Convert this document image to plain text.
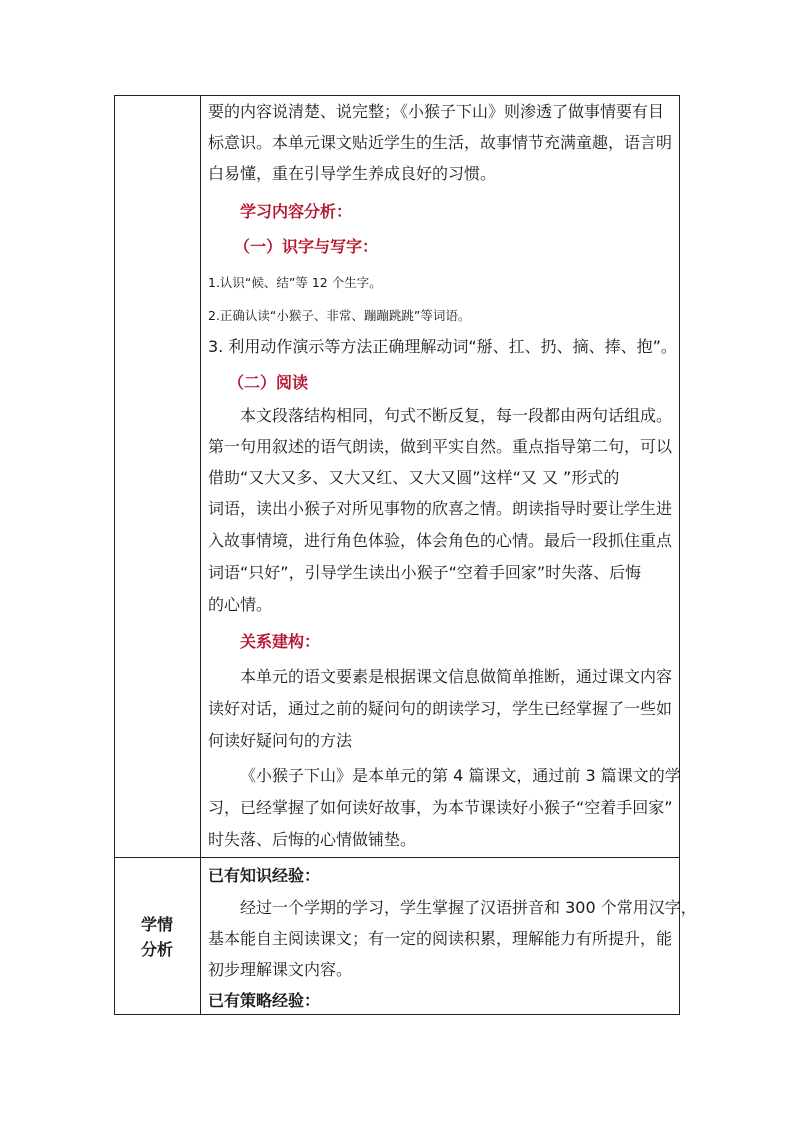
学情
分析
要的内容说清楚、说完整；《小猴子下山》则渗透了做事情要有目
标意识。本单元课文贴近学生的生活，故事情节充满童趣，语言明
白易懂，重在引导学生养成良好的习惯。
学习内容分析：
（一）识字与写字：
1.认识“候、结”等 12 个生字。
2.正确认读“小猴子、非常、蹦蹦跳跳”等词语。
3. 利用动作演示等方法正确理解动词“掰、扛、扔、摘、捧、抱”。
（二）阅读
本文段落结构相同，句式不断反复，每一段都由两句话组成。
第一句用叙述的语气朗读，做到平实自然。重点指导第二句，可以
借助“又大又多、又大又红、又大又圆”这样“又 又 ”形式的
词语，读出小猴子对所见事物的欣喜之情。朗读指导时要让学生进
入故事情境，进行角色体验，体会角色的心情。最后一段抓住重点
词语“只好”，引导学生读出小猴子“空着手回家”时失落、后悔
的心情。
关系建构：
本单元的语文要素是根据课文信息做简单推断，通过课文内容
读好对话，通过之前的疑问句的朗读学习，学生已经掌握了一些如
何读好疑问句的方法
《小猴子下山》是本单元的第 4 篇课文，通过前 3 篇课文的学
习，已经掌握了如何读好故事，为本节课读好小猴子“空着手回家”
时失落、后悔的心情做铺垫。
已有知识经验：
经过一个学期的学习，学生掌握了汉语拼音和 300 个常用汉字，
基本能自主阅读课文；有一定的阅读积累，理解能力有所提升，能
初步理解课文内容。
已有策略经验：
